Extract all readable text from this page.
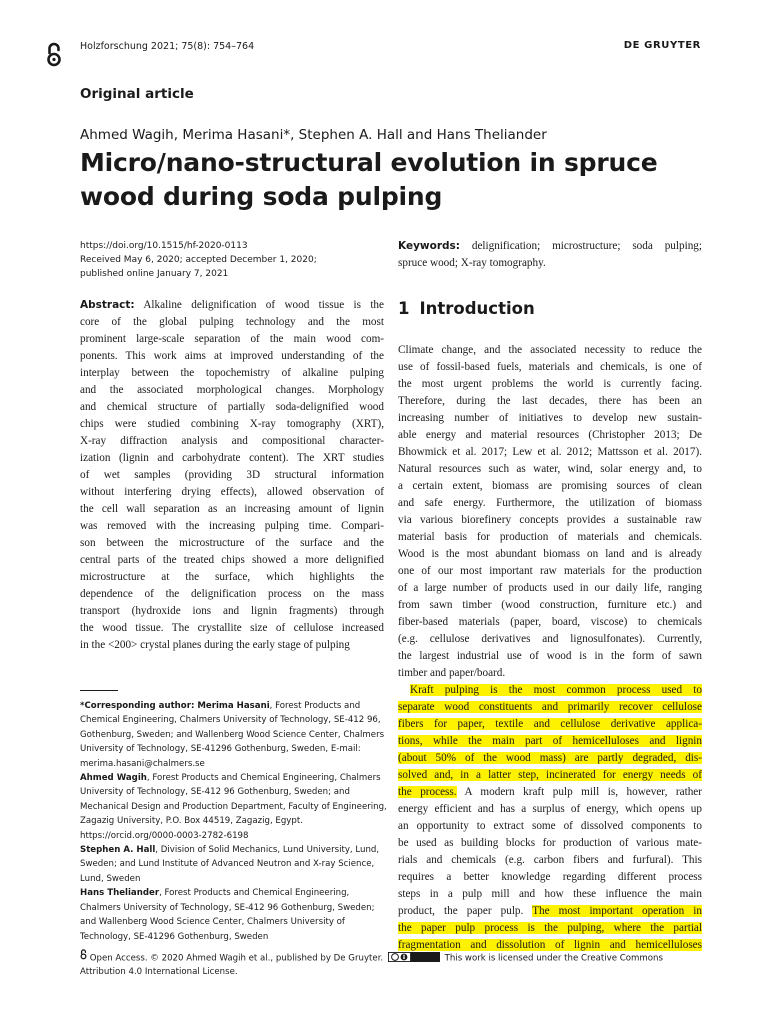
Holzforschung 2021; 75(8): 754–764	DE GRUYTER
Original article
Ahmed Wagih, Merima Hasani*, Stephen A. Hall and Hans Theliander
Micro/nano-structural evolution in spruce wood during soda pulping
https://doi.org/10.1515/hf-2020-0113
Received May 6, 2020; accepted December 1, 2020;
published online January 7, 2021
Keywords: delignification; microstructure; soda pulping;
spruce wood; X-ray tomography.
Abstract: Alkaline delignification of wood tissue is the
core of the global pulping technology and the most
prominent large-scale separation of the main wood com-
ponents. This work aims at improved understanding of the
interplay between the topochemistry of alkaline pulping
and the associated morphological changes. Morphology
and chemical structure of partially soda-delignified wood
chips were studied combining X-ray tomography (XRT),
X-ray diffraction analysis and compositional character-
ization (lignin and carbohydrate content). The XRT studies
of wet samples (providing 3D structural information
without interfering drying effects), allowed observation of
the cell wall separation as an increasing amount of lignin
was removed with the increasing pulping time. Compari-
son between the microstructure of the surface and the
central parts of the treated chips showed a more delignified
microstructure at the surface, which highlights the
dependence of the delignification process on the mass
transport (hydroxide ions and lignin fragments) through
the wood tissue. The crystallite size of cellulose increased
in the <200> crystal planes during the early stage of pulping
1 Introduction
Climate change, and the associated necessity to reduce the
use of fossil-based fuels, materials and chemicals, is one of
the most urgent problems the world is currently facing.
Therefore, during the last decades, there has been an
increasing number of initiatives to develop new sustain-
able energy and material resources (Christopher 2013; De
Bhowmick et al. 2017; Lew et al. 2012; Mattsson et al. 2017).
Natural resources such as water, wind, solar energy and, to
a certain extent, biomass are promising sources of clean
and safe energy. Furthermore, the utilization of biomass
via various biorefinery concepts provides a sustainable raw
material basis for production of materials and chemicals.
Wood is the most abundant biomass on land and is already
one of our most important raw materials for the production
of a large number of products used in our daily life, ranging
from sawn timber (wood construction, furniture etc.) and
fiber-based materials (paper, board, viscose) to chemicals
(e.g. cellulose derivatives and lignosulfonates). Currently,
the largest industrial use of wood is in the form of sawn
timber and paper/board.
Kraft pulping is the most common process used to
separate wood constituents and primarily recover cellulose
fibers for paper, textile and cellulose derivative applica-
tions, while the main part of hemicelluloses and lignin
(about 50% of the wood mass) are partly degraded, dis-
solved and, in a latter step, incinerated for energy needs of
the process. A modern kraft pulp mill is, however, rather
energy efficient and has a surplus of energy, which opens up
an opportunity to extract some of dissolved components to
be used as building blocks for production of various mate-
rials and chemicals (e.g. carbon fibers and furfural). This
requires a better knowledge regarding different process
steps in a pulp mill and how these influence the main
product, the paper pulp. The most important operation in
the paper pulp process is the pulping, where the partial
fragmentation and dissolution of lignin and hemicelluloses
*Corresponding author: Merima Hasani, Forest Products and Chemical Engineering, Chalmers University of Technology, SE-412 96, Gothenburg, Sweden; and Wallenberg Wood Science Center, Chalmers University of Technology, SE-41296 Gothenburg, Sweden, E-mail: merima.hasani@chalmers.se
Ahmed Wagih, Forest Products and Chemical Engineering, Chalmers University of Technology, SE-412 96 Gothenburg, Sweden; and Mechanical Design and Production Department, Faculty of Engineering, Zagazig University, P.O. Box 44519, Zagazig, Egypt. https://orcid.org/0000-0003-2782-6198
Stephen A. Hall, Division of Solid Mechanics, Lund University, Lund, Sweden; and Lund Institute of Advanced Neutron and X-ray Science, Lund, Sweden
Hans Theliander, Forest Products and Chemical Engineering, Chalmers University of Technology, SE-412 96 Gothenburg, Sweden; and Wallenberg Wood Science Center, Chalmers University of Technology, SE-41296 Gothenburg, Sweden
Open Access. © 2020 Ahmed Wagih et al., published by De Gruyter.	This work is licensed under the Creative Commons Attribution 4.0 International License.
